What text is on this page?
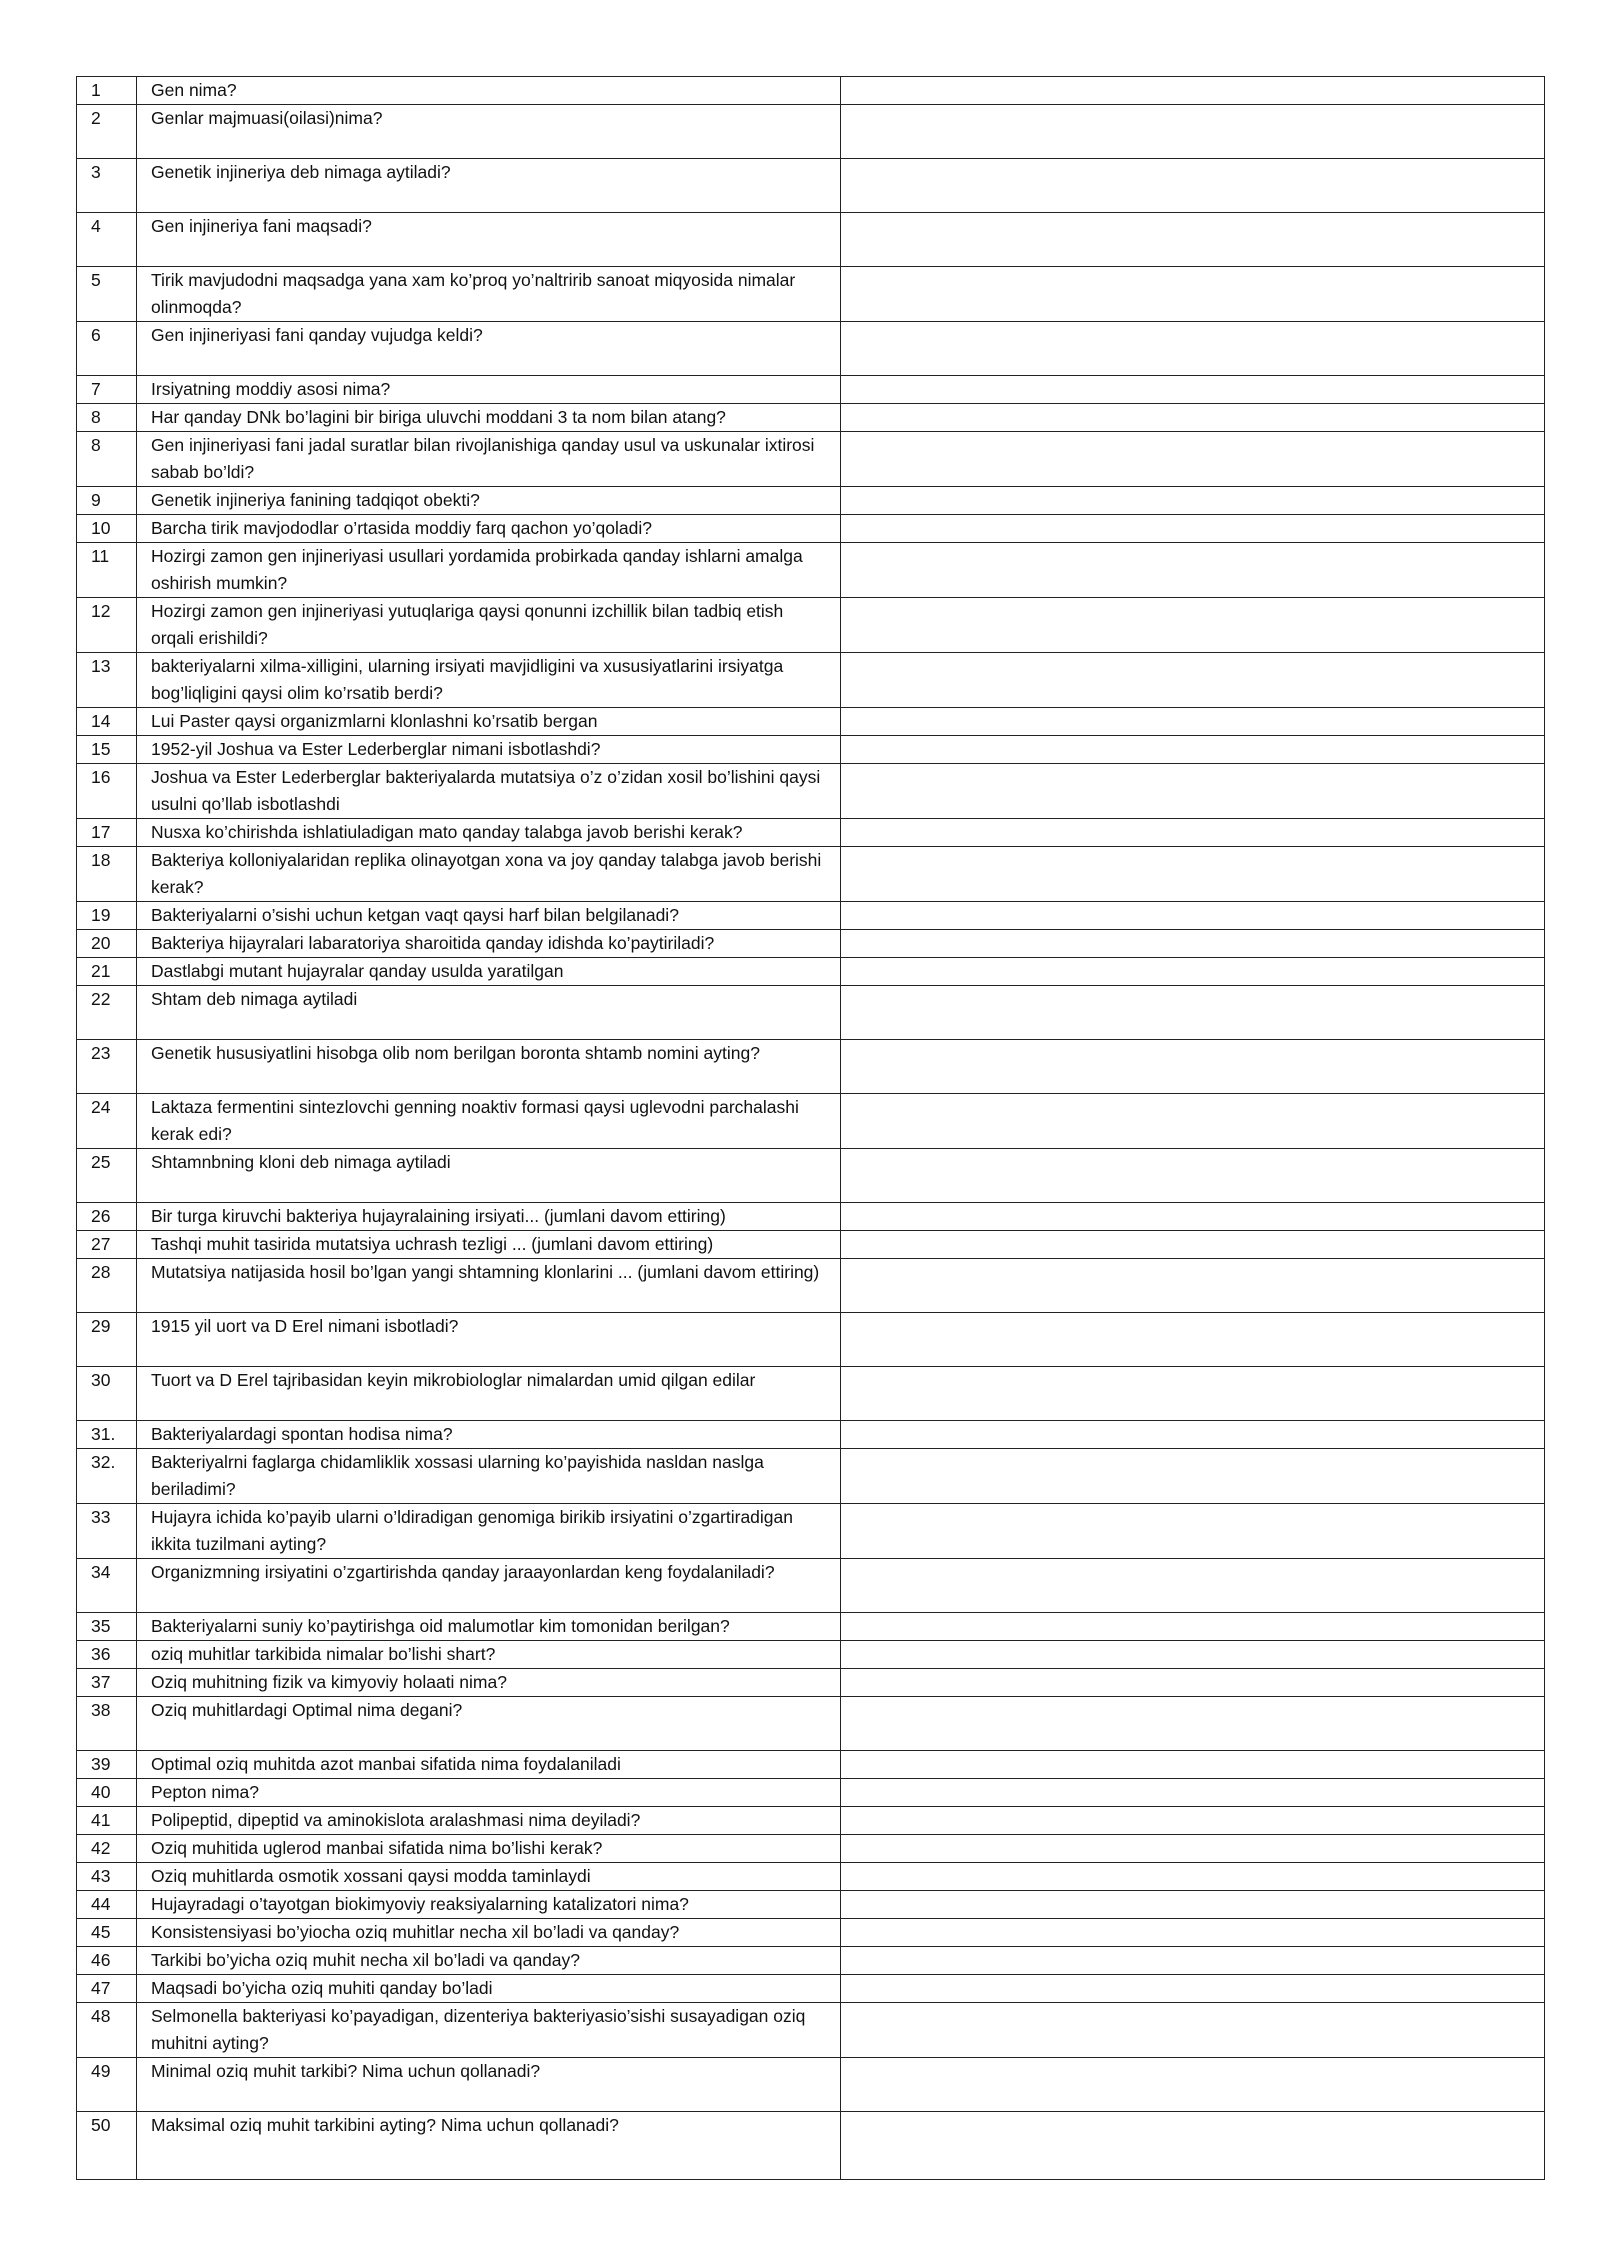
1	Gen nima?	
2	Genlar majmuasi(oilasi)nima?	
3	Genetik injineriya deb nimaga aytiladi?	
4	Gen injineriya fani maqsadi?	
5	Tirik mavjudodni maqsadga yana xam ko’proq yo’naltririb sanoat miqyosida nimalar olinmoqda?	
6	Gen injineriyasi fani qanday vujudga keldi?	
7	Irsiyatning moddiy asosi nima?	
8	Har qanday DNk bo’lagini bir biriga uluvchi moddani 3 ta nom bilan atang?	
8	Gen injineriyasi fani jadal suratlar bilan rivojlanishiga qanday usul va uskunalar ixtirosi sabab bo’ldi?	
9	Genetik injineriya fanining tadqiqot obekti?	
10	Barcha tirik mavjododlar o’rtasida moddiy farq qachon yo’qoladi?	
11	Hozirgi zamon gen injineriyasi usullari yordamida probirkada qanday ishlarni amalga oshirish mumkin?	
12	Hozirgi zamon gen injineriyasi yutuqlariga qaysi qonunni izchillik bilan tadbiq etish orqali erishildi?	
13	bakteriyalarni xilma-xilligini, ularning irsiyati mavjidligini va xususiyatlarini irsiyatga bog’liqligini qaysi olim ko’rsatib berdi?	
14	Lui Paster qaysi organizmlarni klonlashni ko’rsatib bergan	
15	1952-yil Joshua va Ester Lederberglar nimani isbotlashdi?	
16	Joshua va Ester Lederberglar bakteriyalarda mutatsiya o’z o’zidan xosil bo’lishini qaysi usulni qo’llab isbotlashdi	
17	Nusxa ko’chirishda ishlatiuladigan mato qanday talabga javob berishi kerak?	
18	Bakteriya kolloniyalaridan replika olinayotgan xona va joy qanday talabga javob berishi kerak?	
19	Bakteriyalarni o’sishi uchun ketgan vaqt qaysi harf bilan belgilanadi?	
20	Bakteriya hijayralari labaratoriya sharoitida qanday idishda ko’paytiriladi?	
21	Dastlabgi mutant hujayralar qanday usulda yaratilgan	
22	Shtam deb nimaga aytiladi	
23	Genetik hususiyatlini hisobga olib nom berilgan boronta shtamb nomini ayting?	
24	Laktaza fermentini sintezlovchi genning noaktiv formasi qaysi uglevodni parchalashi kerak edi?	
25	Shtamnbning kloni deb nimaga aytiladi	
26	Bir turga kiruvchi bakteriya hujayralaining irsiyati... (jumlani davom ettiring)	
27	Tashqi muhit tasirida mutatsiya uchrash tezligi ... (jumlani davom ettiring)	
28	Mutatsiya natijasida hosil bo’lgan yangi shtamning klonlarini ... (jumlani davom ettiring)	
29	1915 yil uort va D Erel nimani isbotladi?	
30	Tuort va D Erel tajribasidan keyin mikrobiologlar nimalardan umid qilgan edilar	
31.	Bakteriyalardagi spontan hodisa nima?	
32.	Bakteriyalrni faglarga chidamliklik xossasi ularning ko’payishida nasldan naslga beriladimi?	
33	Hujayra ichida ko’payib ularni o’ldiradigan genomiga birikib irsiyatini o’zgartiradigan ikkita tuzilmani ayting?	
34	Organizmning irsiyatini o’zgartirishda qanday jaraayonlardan keng foydalaniladi?	
35	Bakteriyalarni suniy ko’paytirishga oid malumotlar kim tomonidan berilgan?	
36	oziq muhitlar tarkibida nimalar bo’lishi shart?	
37	Oziq muhitning fizik va kimyoviy holaati nima?	
38	Oziq muhitlardagi Optimal nima degani?	
39	Optimal oziq muhitda azot manbai sifatida nima foydalaniladi	
40	Pepton nima?	
41	Polipeptid, dipeptid va aminokislota aralashmasi nima deyiladi?	
42	Oziq muhitida uglerod manbai sifatida nima bo’lishi kerak?	
43	Oziq muhitlarda osmotik xossani qaysi modda taminlaydi	
44	Hujayradagi o’tayotgan biokimyoviy reaksiyalarning katalizatori nima?	
45	Konsistensiyasi bo’yiocha oziq muhitlar necha xil bo’ladi va qanday?	
46	Tarkibi bo’yicha oziq muhit necha xil bo’ladi va qanday?	
47	Maqsadi bo’yicha oziq muhiti qanday bo’ladi	
48	Selmonella bakteriyasi ko’payadigan, dizenteriya bakteriyasio’sishi susayadigan oziq muhitni ayting?	
49	Minimal oziq muhit tarkibi? Nima uchun qollanadi?	
50	Maksimal oziq muhit tarkibini ayting? Nima uchun qollanadi?	
